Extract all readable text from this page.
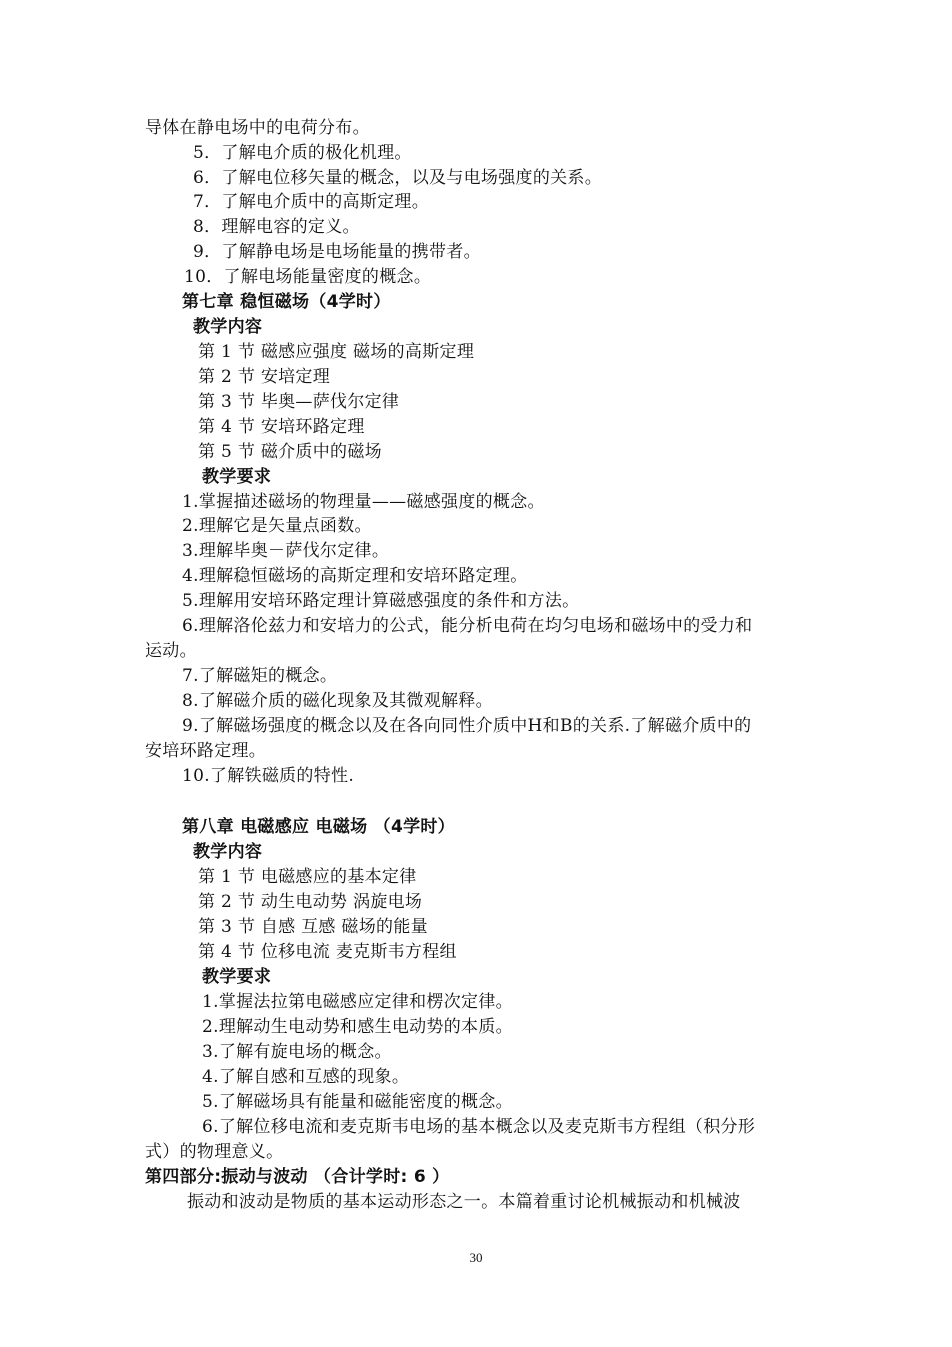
导体在静电场中的电荷分布。
5．了解电介质的极化机理。
6．了解电位移矢量的概念，以及与电场强度的关系。
7．了解电介质中的高斯定理。
8．理解电容的定义。
9．了解静电场是电场能量的携带者。
10．了解电场能量密度的概念。
第七章 稳恒磁场（4学时）
教学内容
第 1 节 磁感应强度 磁场的高斯定理
第 2 节 安培定理
第 3 节 毕奥—萨伐尔定律
第 4 节 安培环路定理
第 5 节 磁介质中的磁场
教学要求
1.掌握描述磁场的物理量——磁感强度的概念。
2.理解它是矢量点函数。
3.理解毕奥－萨伐尔定律。
4.理解稳恒磁场的高斯定理和安培环路定理。
5.理解用安培环路定理计算磁感强度的条件和方法。
6.理解洛伦兹力和安培力的公式，能分析电荷在均匀电场和磁场中的受力和
运动。
7.了解磁矩的概念。
8.了解磁介质的磁化现象及其微观解释。
9.了解磁场强度的概念以及在各向同性介质中H和B的关系.了解磁介质中的
安培环路定理。
10.了解铁磁质的特性.
第八章 电磁感应 电磁场 （4学时）
教学内容
第 1 节 电磁感应的基本定律
第 2 节 动生电动势 涡旋电场
第 3 节 自感 互感 磁场的能量
第 4 节 位移电流 麦克斯韦方程组
教学要求
1.掌握法拉第电磁感应定律和楞次定律。
2.理解动生电动势和感生电动势的本质。
3.了解有旋电场的概念。
4.了解自感和互感的现象。
5.了解磁场具有能量和磁能密度的概念。
6.了解位移电流和麦克斯韦电场的基本概念以及麦克斯韦方程组（积分形
式）的物理意义。
第四部分:振动与波动 （合计学时: 6 ）
振动和波动是物质的基本运动形态之一。本篇着重讨论机械振动和机械波
30
